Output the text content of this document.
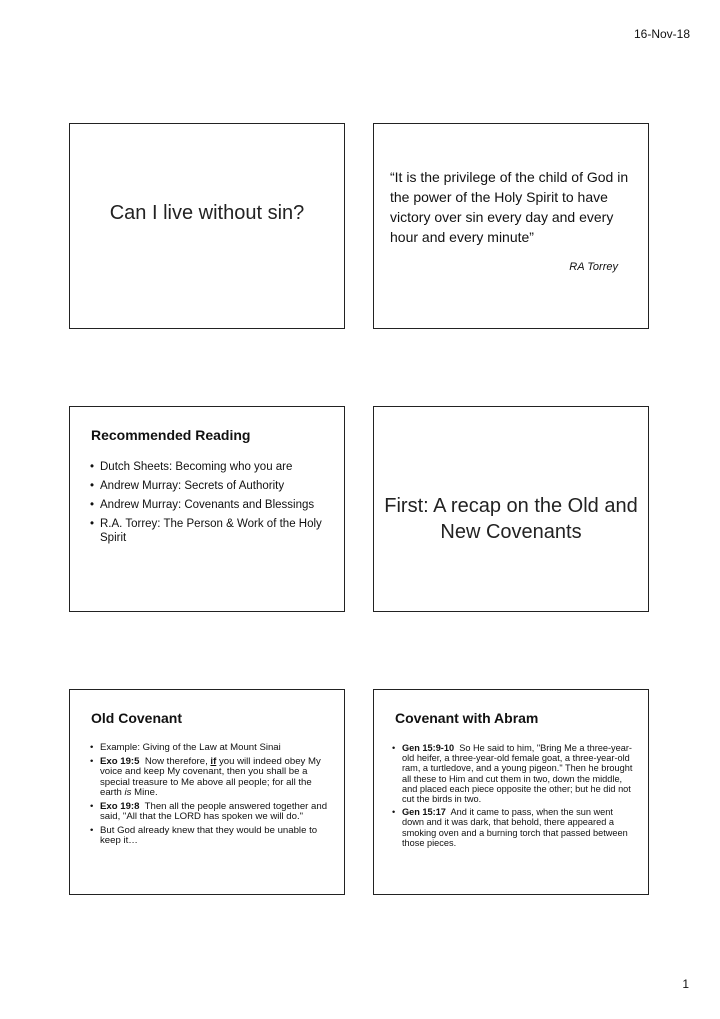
16-Nov-18
Can I live without sin?
“It is the privilege of the child of God in the power of the Holy Spirit to have victory over sin every day and every hour and every minute”
RA Torrey
Recommended Reading
• Dutch Sheets: Becoming who you are
• Andrew Murray: Secrets of Authority
• Andrew Murray: Covenants and Blessings
• R.A. Torrey: The Person & Work of the Holy Spirit
First: A recap on the Old and New Covenants
Old Covenant
• Example: Giving of the Law at Mount Sinai
• Exo 19:5 Now therefore, if you will indeed obey My voice and keep My covenant, then you shall be a special treasure to Me above all people; for all the earth is Mine.
• Exo 19:8 Then all the people answered together and said, "All that the LORD has spoken we will do."
• But God already knew that they would be unable to keep it…
Covenant with Abram
• Gen 15:9-10 So He said to him, "Bring Me a three-year-old heifer, a three-year-old female goat, a three-year-old ram, a turtledove, and a young pigeon." Then he brought all these to Him and cut them in two, down the middle, and placed each piece opposite the other; but he did not cut the birds in two.
• Gen 15:17 And it came to pass, when the sun went down and it was dark, that behold, there appeared a smoking oven and a burning torch that passed between those pieces.
1
